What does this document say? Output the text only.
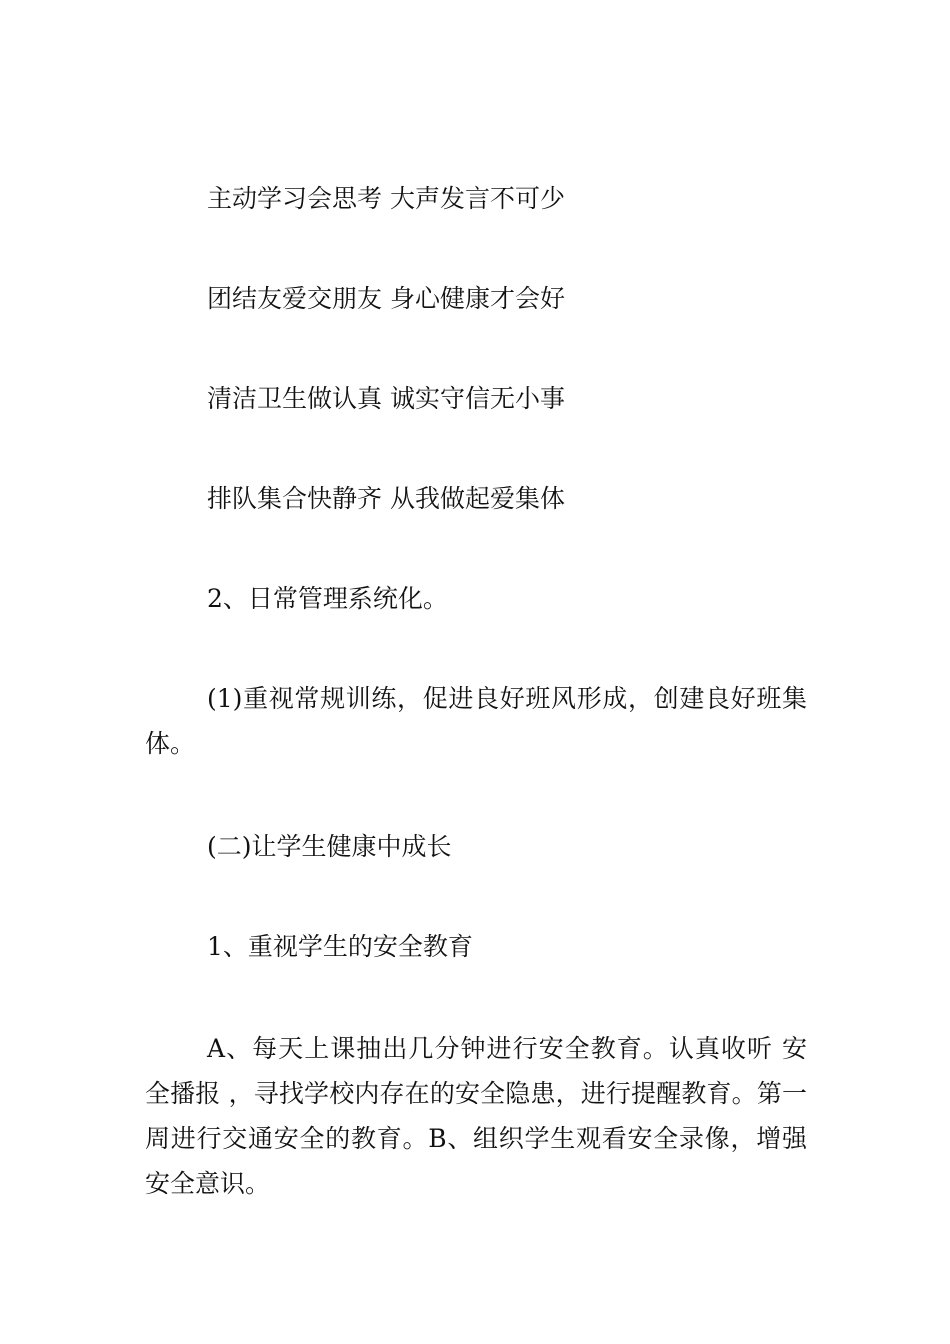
主动学习会思考 大声发言不可少
团结友爱交朋友 身心健康才会好
清洁卫生做认真 诚实守信无小事
排队集合快静齐 从我做起爱集体
2、日常管理系统化。
(1)重视常规训练，促进良好班风形成，创建良好班集体。
(二)让学生健康中成长
1、重视学生的安全教育
A、每天上课抽出几分钟进行安全教育。认真收听 安全播报 ，寻找学校内存在的安全隐患，进行提醒教育。第一周进行交通安全的教育。B、组织学生观看安全录像，增强安全意识。
